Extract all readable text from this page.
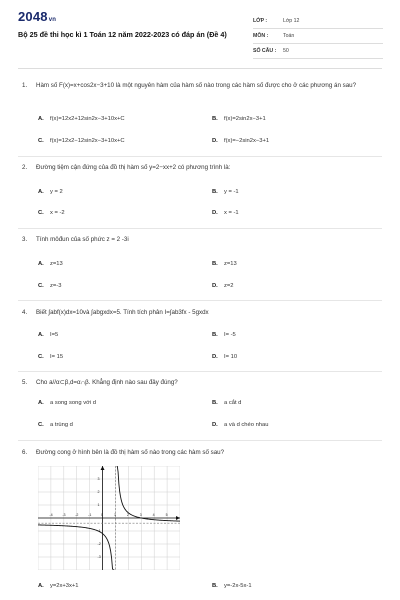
2048vn
Bộ 25 đề thi học kì 1 Toán 12 năm 2022-2023 có đáp án (Đề 4)
LỚP :	Lớp 12
MÔN :	Toán
SỐ CÂU :	50
1. Hàm số F(x)=x+cos2x−3+10 là một nguyên hàm của hàm số nào trong các hàm số được cho ở các phương án sau?
A. f(x)=12x2+12sin2x−3+10x+C	B. f(x)=2sin2x−3+1
C. f(x)=12x2−12sin2x−3+10x+C	D. f(x)=−2sin2x−3+1
2. Đường tiệm cận đứng của đồ thị hàm số y=2−xx+2 có phương trình là:
A. y = 2	B. y = -1
C. x = -2	D. x = -1
3. Tính môđun của số phức z = 2 -3i
A. z=13	B. z=13
C. z=-3	D. z=2
4. Biết ∫abf(x)dx=10và ∫abgxdx=5. Tính tích phân I=∫ab3fx - 5gxdx
A. I=5	B. I= -5
C. I= 15	D. I= 10
5. Cho a//α⊂β,d=α∩β. Khẳng định nào sau đây đúng?
A. a song song với d	B. a cắt d
C. a trùng d	D. a và d chéo nhau
6. Đường cong ở hình bên là đồ thị hàm số nào trong các hàm số sau?
-4	-3	-2	-1	0	1	2	3	4	5
3
2
1
-1
-2
-3
A. y=2x+3x+1	B. y=-2x-5x-1
